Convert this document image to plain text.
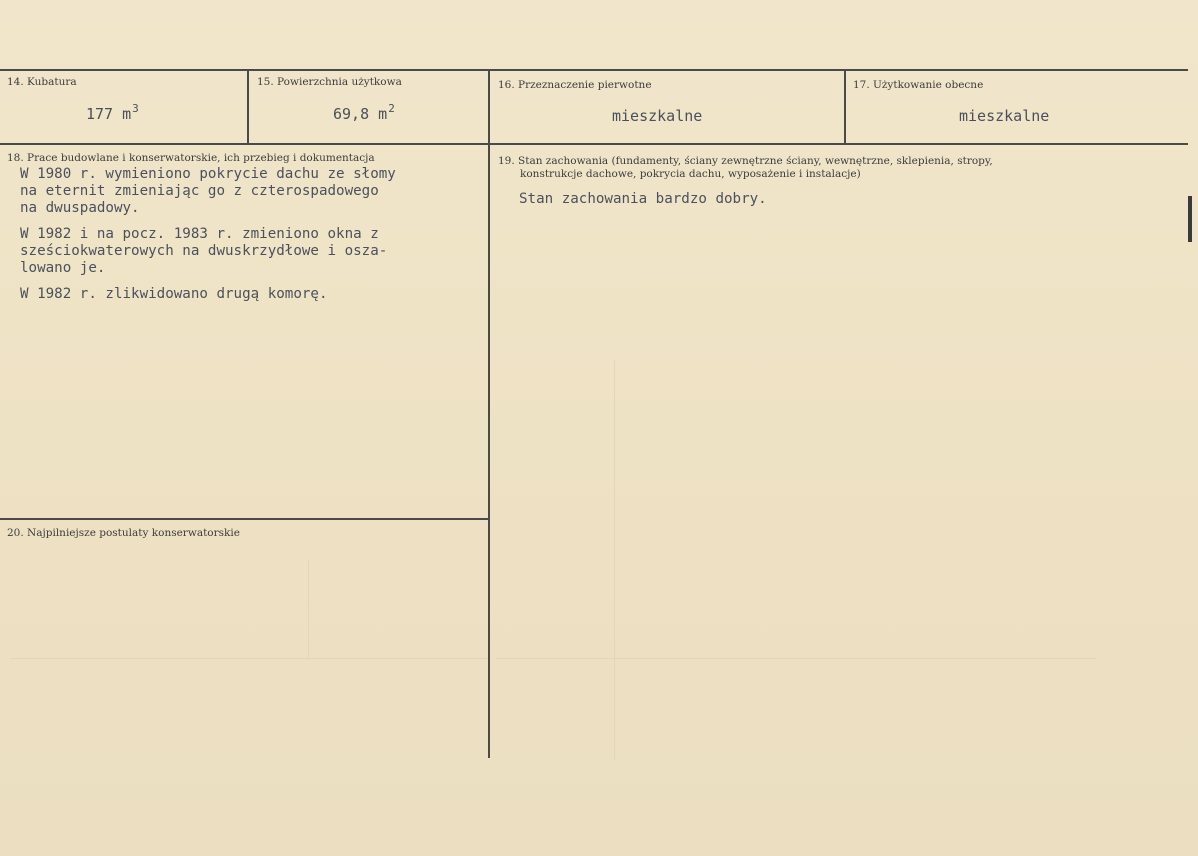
14. Kubatura
177 $m^3$
15. Powierzchnia użytkowa
69,8 $m^2$
16. Przeznaczenie pierwotne
mieszkalne
17. Użytkowanie obecne
mieszkalne
18. Prace budowlane i konserwatorskie, ich przebieg i dokumentacja
W 1980 r. wymieniono pokrycie dachu ze słomy
na eternit zmieniając go z czterospadowego
na dwuspadowy.
W 1982 i na pocz. 1983 r. zmieniono okna z
sześciokwaterowych na dwuskrzydłowe i osza-
lowano je.
W 1982 r. zlikwidowano drugą komorę.
19. Stan zachowania (fundamenty, ściany zewnętrzne ściany, wewnętrzne, sklepienia, stropy,
konstrukcje dachowe, pokrycia dachu, wyposażenie i instalacje)
Stan zachowania bardzo dobry.
20. Najpilniejsze postulaty konserwatorskie
